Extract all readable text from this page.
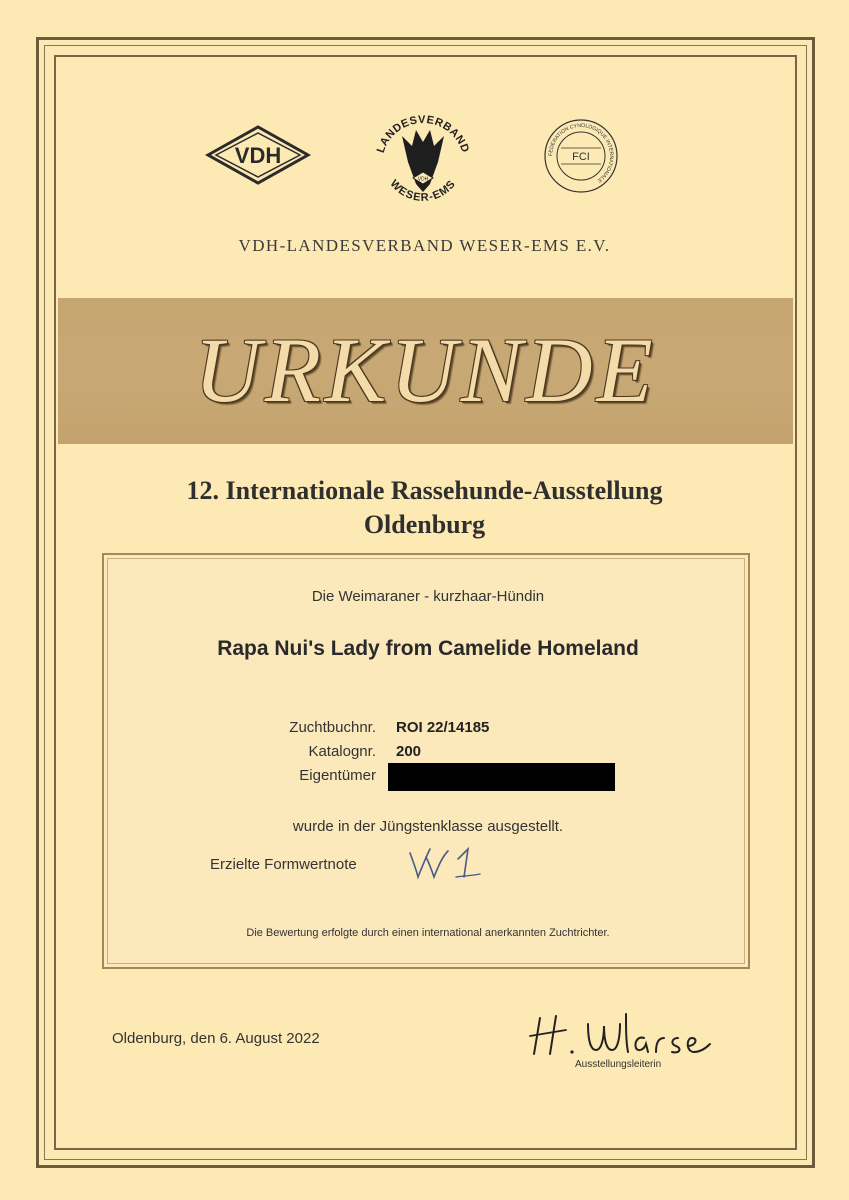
VDH	LANDESVERBAND
WESER-EMS
VDH
FEDERATION CYNOLOGIQUE INTERNATIONALE
FCI
VDH-LANDESVERBAND WESER-EMS E.V.
URKUNDE
12. Internationale Rassehunde-Ausstellung
Oldenburg
Die Weimaraner - kurzhaar-Hündin
Rapa Nui's Lady from Camelide Homeland
Zuchtbuchnr. ROI 22/14185
Katalognr. 200
Eigentümer
wurde in der Jüngstenklasse ausgestellt.
Erzielte Formwertnote
Die Bewertung erfolgte durch einen international anerkannten Zuchtrichter.
Oldenburg, den 6. August 2022
Ausstellungsleiterin
